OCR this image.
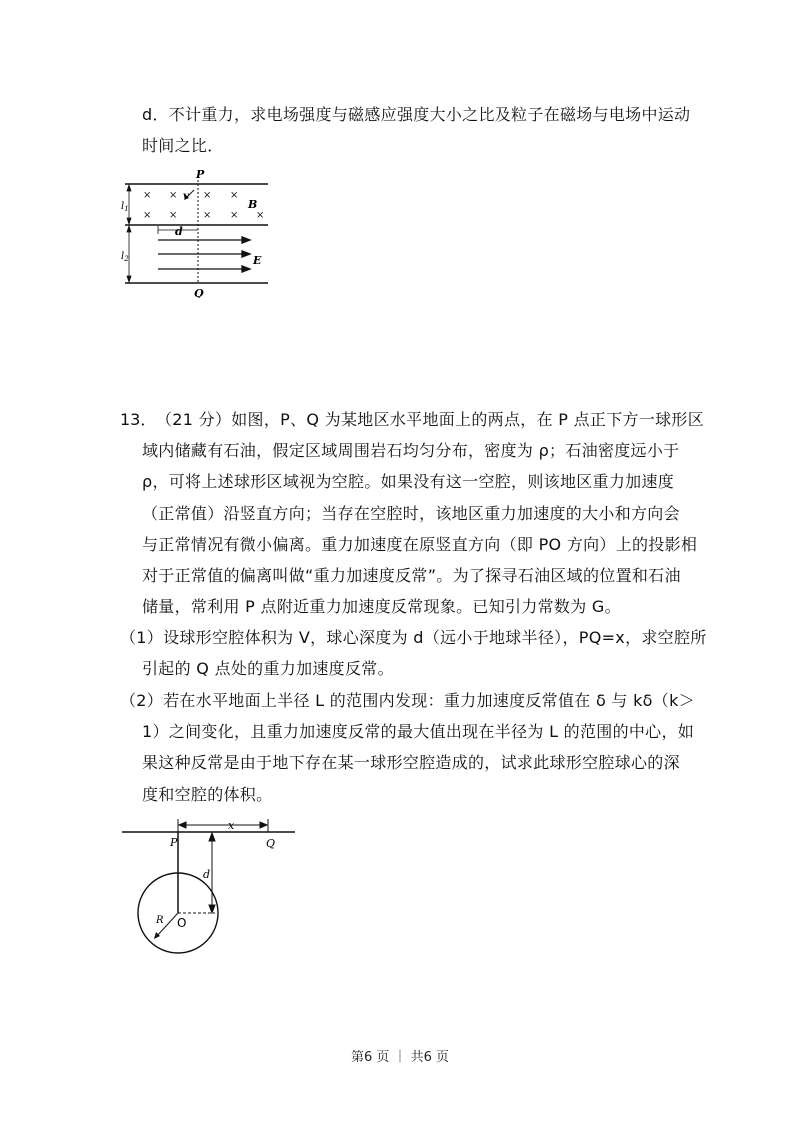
d．不计重力，求电场强度与磁感应强度大小之比及粒子在磁场与电场中运动
时间之比．
× ×	× ×
× ×	× × ×
P
v
B
d
E
Q
$l_1$
$l_2$
13． （21 分）如图，P、Q 为某地区水平地面上的两点，在 P 点正下方一球形区
域内储藏有石油，假定区域周围岩石均匀分布，密度为 ρ；石油密度远小于
ρ，可将上述球形区域视为空腔。如果没有这一空腔，则该地区重力加速度
（正常值）沿竖直方向；当存在空腔时，该地区重力加速度的大小和方向会
与正常情况有微小偏离。重力加速度在原竖直方向（即 PO 方向）上的投影相
对于正常值的偏离叫做“重力加速度反常”。为了探寻石油区域的位置和石油
储量，常利用 P 点附近重力加速度反常现象。已知引力常数为 G。
（1）设球形空腔体积为 V，球心深度为 d（远小于地球半径），PQ=x，求空腔所
引起的 Q 点处的重力加速度反常。
（2）若在水平地面上半径 L 的范围内发现：重力加速度反常值在 δ 与 kδ（k＞
1）之间变化，且重力加速度反常的最大值出现在半径为 L 的范围的中心，如
果这种反常是由于地下存在某一球形空腔造成的，试求此球形空腔球心的深
度和空腔的体积。
x
P	Q
d
R O
第6 页 ｜ 共6 页
